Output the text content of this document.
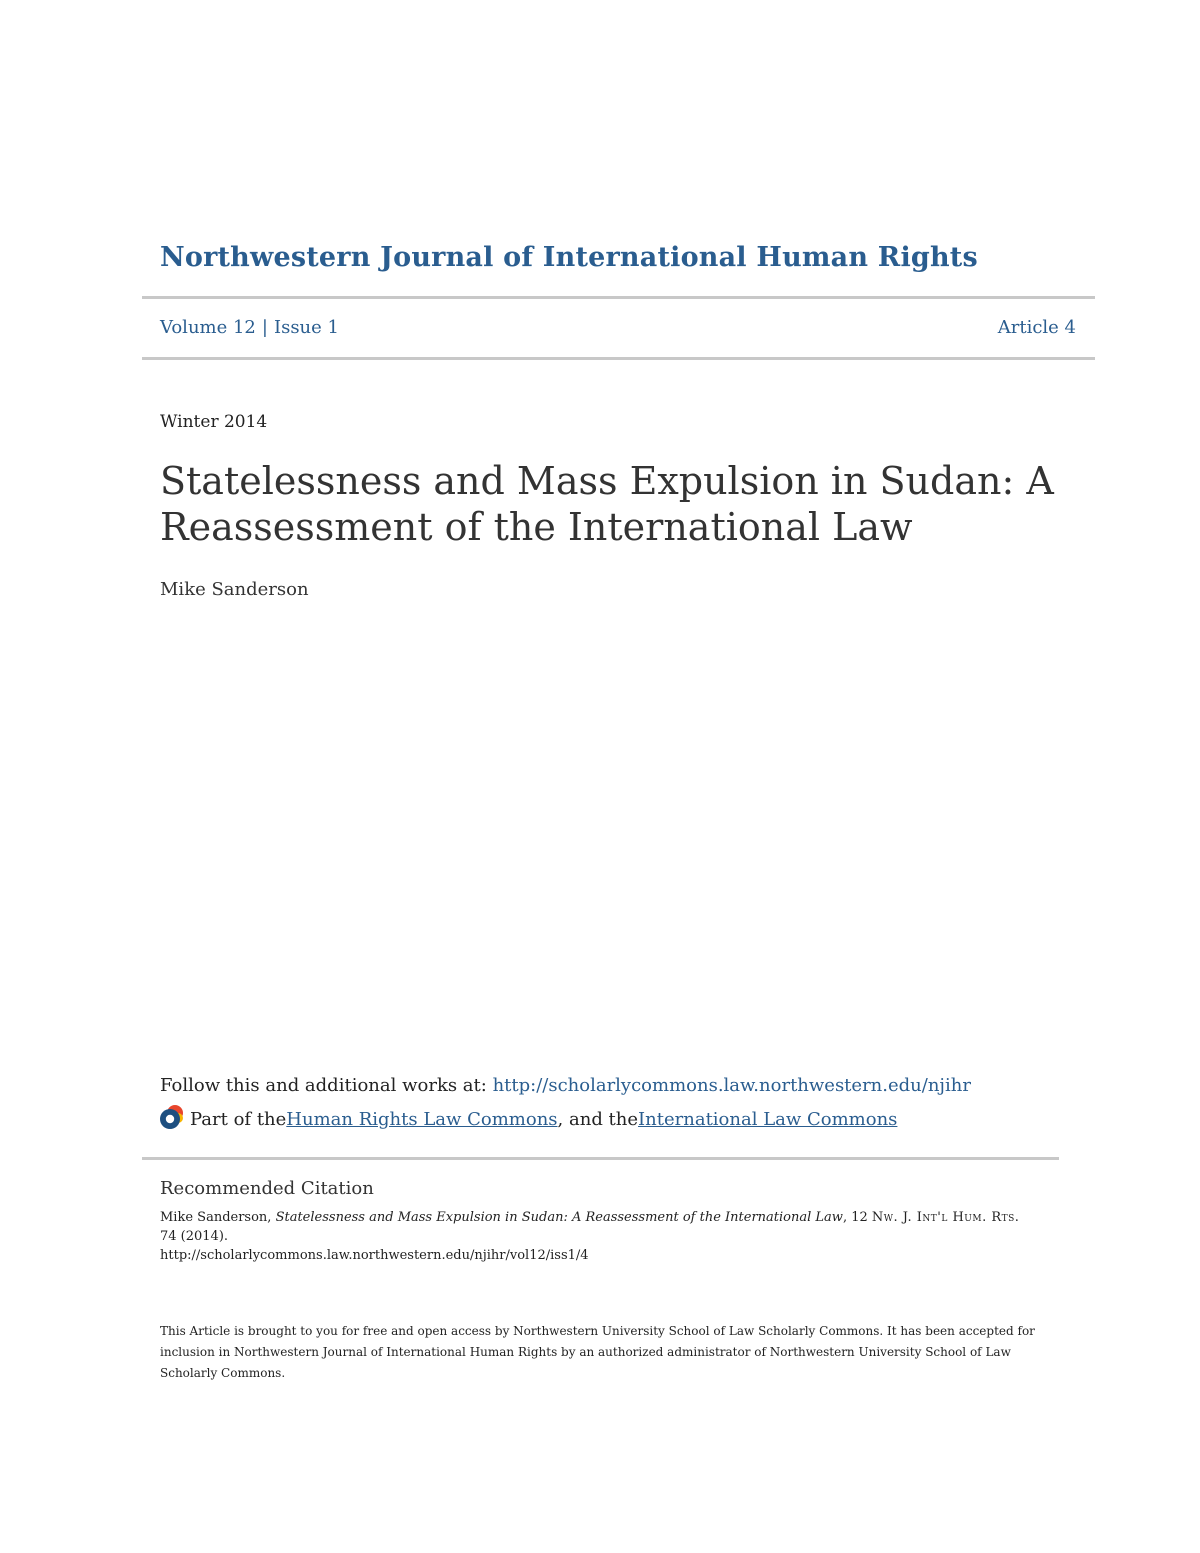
Northwestern Journal of International Human Rights
Volume 12 | Issue 1	Article 4
Winter 2014
Statelessness and Mass Expulsion in Sudan: A Reassessment of the International Law
Mike Sanderson
Follow this and additional works at: http://scholarlycommons.law.northwestern.edu/njihr
Part of the Human Rights Law Commons , and the International Law Commons
Recommended Citation

Mike Sanderson, Statelessness and Mass Expulsion in Sudan: A Reassessment of the International Law, 12 Nw. J. Int'l Hum. Rts. 74 (2014).
http://scholarlycommons.law.northwestern.edu/njihr/vol12/iss1/4

This Article is brought to you for free and open access by Northwestern University School of Law Scholarly Commons. It has been accepted for inclusion in Northwestern Journal of International Human Rights by an authorized administrator of Northwestern University School of Law Scholarly Commons.
